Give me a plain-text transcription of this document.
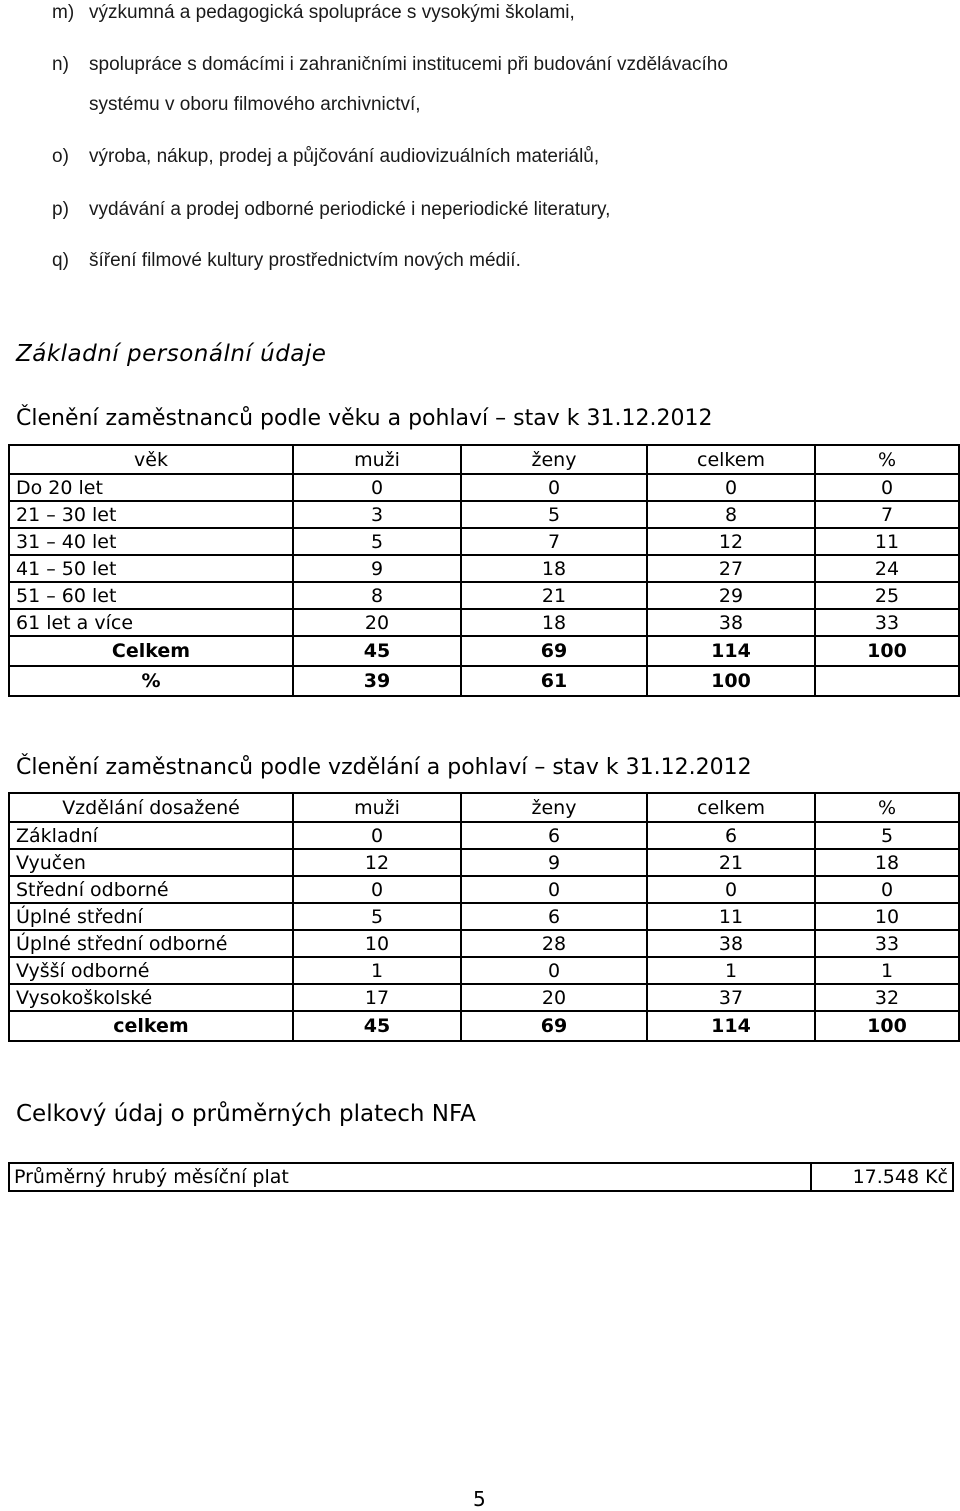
m) výzkumná a pedagogická spolupráce s vysokými školami,
n) spolupráce s domácími i zahraničními institucemi při budování vzdělávacího
systému v oboru filmového archivnictví,
o) výroba, nákup, prodej a půjčování audiovizuálních materiálů,
p) vydávání a prodej odborné periodické i neperiodické literatury,
q) šíření filmové kultury prostřednictvím nových médií.
Základní personální údaje
Členění zaměstnanců podle věku a pohlaví – stav k 31.12.2012
věk	muži	ženy	celkem	%
Do 20 let	0	0	0	0
21 – 30 let	3	5	8	7
31 – 40 let	5	7	12	11
41 – 50 let	9	18	27	24
51 – 60 let	8	21	29	25
61 let a více	20	18	38	33
Celkem	45	69	114	100
%	39	61	100	
Členění zaměstnanců podle vzdělání a pohlaví – stav k 31.12.2012
Vzdělání dosažené	muži	ženy	celkem	%
Základní	0	6	6	5
Vyučen	12	9	21	18
Střední odborné	0	0	0	0
Úplné střední	5	6	11	10
Úplné střední odborné	10	28	38	33
Vyšší odborné	1	0	1	1
Vysokoškolské	17	20	37	32
celkem	45	69	114	100
Celkový údaj o průměrných platech NFA
Průměrný hrubý měsíční plat	17.548 Kč
5
